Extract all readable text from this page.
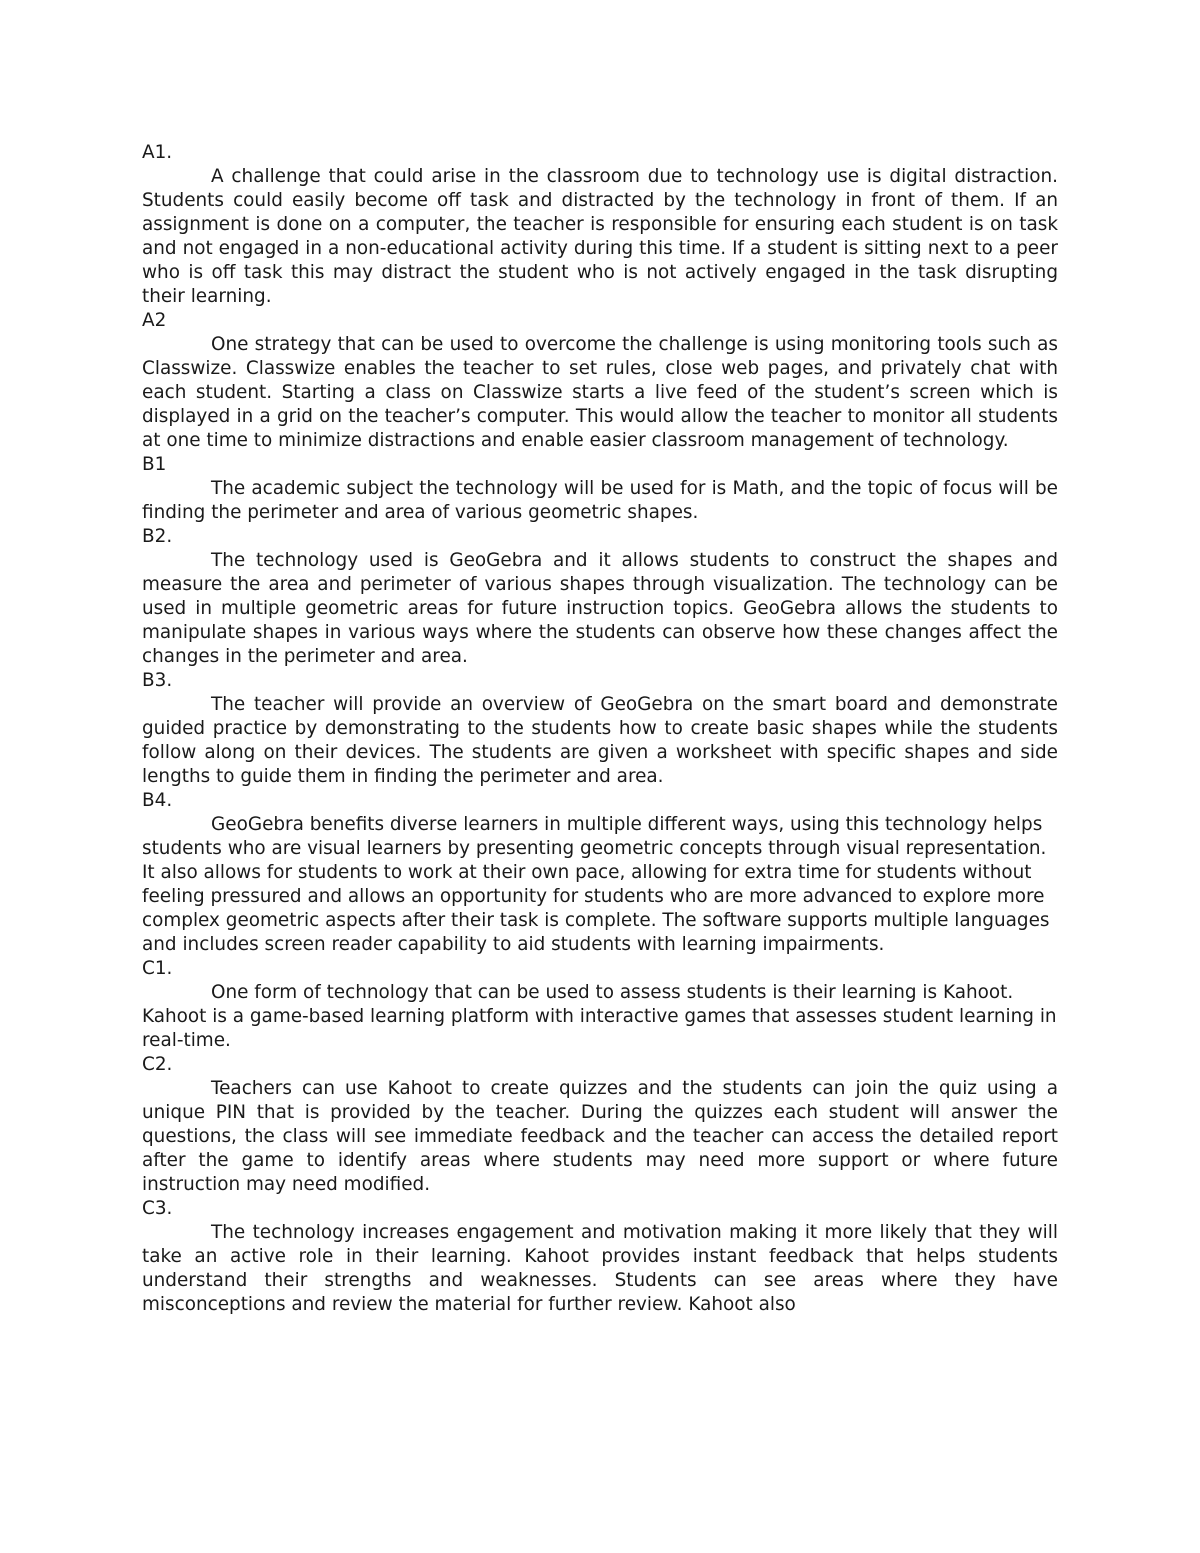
A1.

A challenge that could arise in the classroom due to technology use is digital distraction. Students could easily become off task and distracted by the technology in front of them. If an assignment is done on a computer, the teacher is responsible for ensuring each student is on task and not engaged in a non-educational activity during this time. If a student is sitting next to a peer who is off task this may distract the student who is not actively engaged in the task disrupting their learning.

A2

One strategy that can be used to overcome the challenge is using monitoring tools such as Classwize. Classwize enables the teacher to set rules, close web pages, and privately chat with each student. Starting a class on Classwize starts a live feed of the student’s screen which is displayed in a grid on the teacher’s computer. This would allow the teacher to monitor all students at one time to minimize distractions and enable easier classroom management of technology.

B1

The academic subject the technology will be used for is Math, and the topic of focus will be finding the perimeter and area of various geometric shapes.

B2.

The technology used is GeoGebra and it allows students to construct the shapes and measure the area and perimeter of various shapes through visualization. The technology can be used in multiple geometric areas for future instruction topics. GeoGebra allows the students to manipulate shapes in various ways where the students can observe how these changes affect the changes in the perimeter and area.

B3.

The teacher will provide an overview of GeoGebra on the smart board and demonstrate guided practice by demonstrating to the students how to create basic shapes while the students follow along on their devices. The students are given a worksheet with specific shapes and side lengths to guide them in finding the perimeter and area.

B4.

GeoGebra benefits diverse learners in multiple different ways, using this technology helps students who are visual learners by presenting geometric concepts through visual representation. It also allows for students to work at their own pace, allowing for extra time for students without feeling pressured and allows an opportunity for students who are more advanced to explore more complex geometric aspects after their task is complete. The software supports multiple languages and includes screen reader capability to aid students with learning impairments.

C1.

One form of technology that can be used to assess students is their learning is Kahoot. Kahoot is a game-based learning platform with interactive games that assesses student learning in real-time.

C2.

Teachers can use Kahoot to create quizzes and the students can join the quiz using a unique PIN that is provided by the teacher. During the quizzes each student will answer the questions, the class will see immediate feedback and the teacher can access the detailed report after the game to identify areas where students may need more support or where future instruction may need modified.

C3.

The technology increases engagement and motivation making it more likely that they will take an active role in their learning. Kahoot provides instant feedback that helps students understand their strengths and weaknesses. Students can see areas where they have misconceptions and review the material for further review. Kahoot also
